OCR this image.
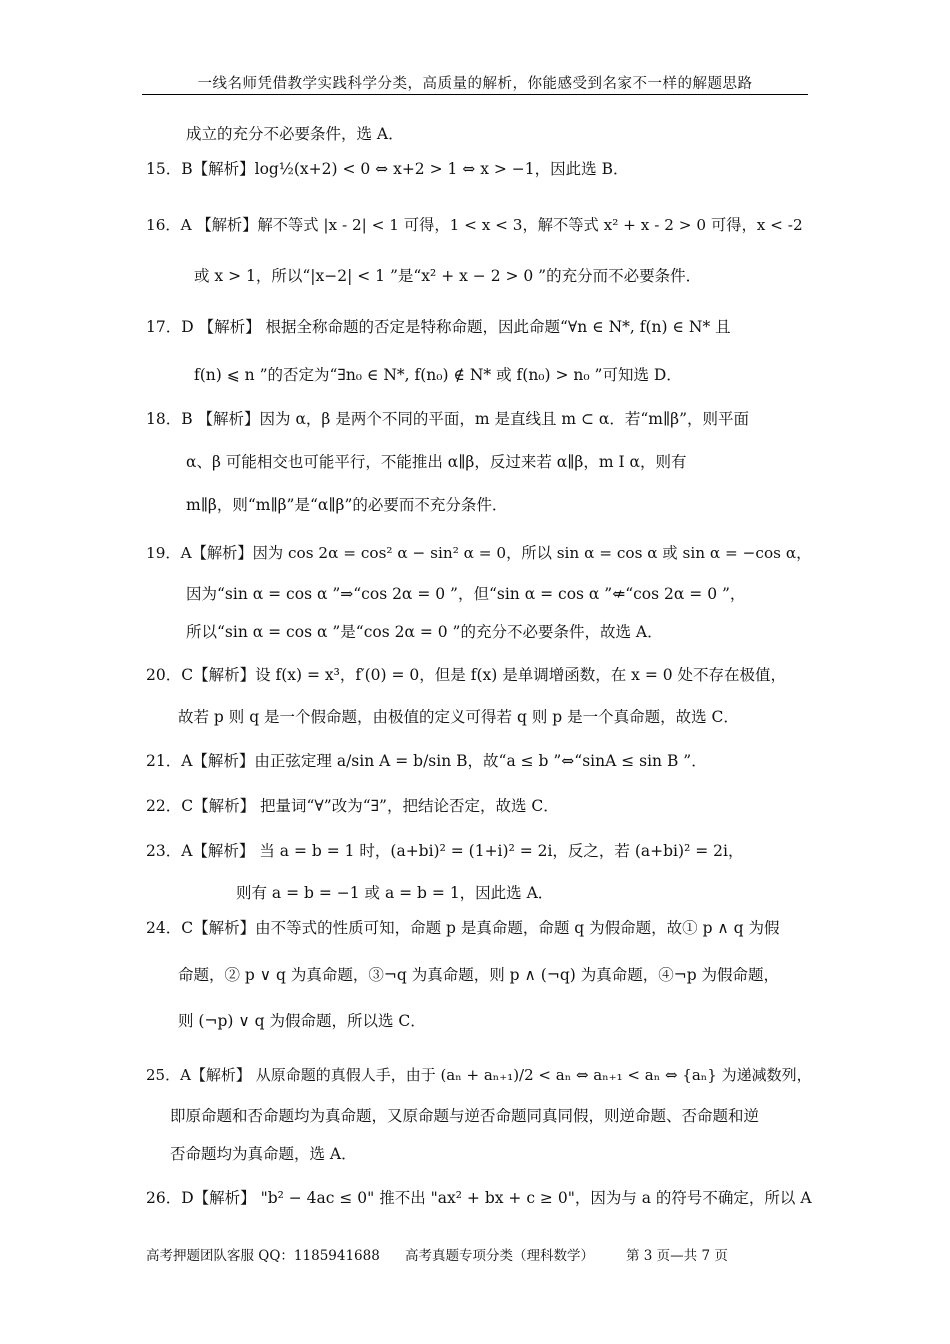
一线名师凭借教学实践科学分类，高质量的解析，你能感受到名家不一样的解题思路
成立的充分不必要条件，选 A．
15．B【解析】log½(x+2) < 0 ⇔ x+2 > 1 ⇔ x > −1，因此选 B．
16．A 【解析】解不等式 |x - 2| < 1 可得，1 < x < 3，解不等式 x² + x - 2 > 0 可得，x < -2
或 x > 1，所以“|x−2| < 1 ”是“x² + x − 2 > 0 ”的充分而不必要条件．
17．D 【解析】 根据全称命题的否定是特称命题，因此命题“∀n ∈ N*, f(n) ∈ N* 且
f(n) ⩽ n ”的否定为“∃n₀ ∈ N*, f(n₀) ∉ N* 或 f(n₀) > n₀ ”可知选 D．
18．B 【解析】因为 α，β 是两个不同的平面，m 是直线且 m ⊂ α．若“m∥β”，则平面
α、β 可能相交也可能平行，不能推出 α∥β，反过来若 α∥β，m I α，则有
m∥β，则“m∥β”是“α∥β”的必要而不充分条件．
19．A【解析】因为 cos 2α = cos² α − sin² α = 0，所以 sin α = cos α 或 sin α = −cos α，
因为“sin α = cos α ”⇒“cos 2α = 0 ”，但“sin α = cos α ”⇍“cos 2α = 0 ”，
所以“sin α = cos α ”是“cos 2α = 0 ”的充分不必要条件，故选 A．
20．C【解析】设 f(x) = x³，f′(0) = 0，但是 f(x) 是单调增函数，在 x = 0 处不存在极值，
故若 p 则 q 是一个假命题，由极值的定义可得若 q 则 p 是一个真命题，故选 C．
21．A【解析】由正弦定理 a/sin A = b/sin B，故“a ≤ b ”⇔“sinA ≤ sin B ”．
22．C【解析】 把量词“∀”改为“∃”，把结论否定，故选 C．
23．A【解析】 当 a = b = 1 时，(a+bi)² = (1+i)² = 2i，反之，若 (a+bi)² = 2i，
则有 a = b = −1 或 a = b = 1，因此选 A．
24．C【解析】由不等式的性质可知，命题 p 是真命题，命题 q 为假命题，故① p ∧ q 为假
命题，② p ∨ q 为真命题，③¬q 为真命题，则 p ∧ (¬q) 为真命题，④¬p 为假命题，
则 (¬p) ∨ q 为假命题，所以选 C．
25．A【解析】 从原命题的真假人手，由于 (aₙ + aₙ₊₁)/2 < aₙ ⇔ aₙ₊₁ < aₙ ⇔ {aₙ} 为递减数列，
即原命题和否命题均为真命题，又原命题与逆否命题同真同假，则逆命题、否命题和逆
否命题均为真命题，选 A．
26．D【解析】 "b² − 4ac ≤ 0" 推不出 "ax² + bx + c ≥ 0"，因为与 a 的符号不确定，所以 A
高考押题团队客服 QQ：1185941688 高考真题专项分类（理科数学） 第 3 页—共 7 页
